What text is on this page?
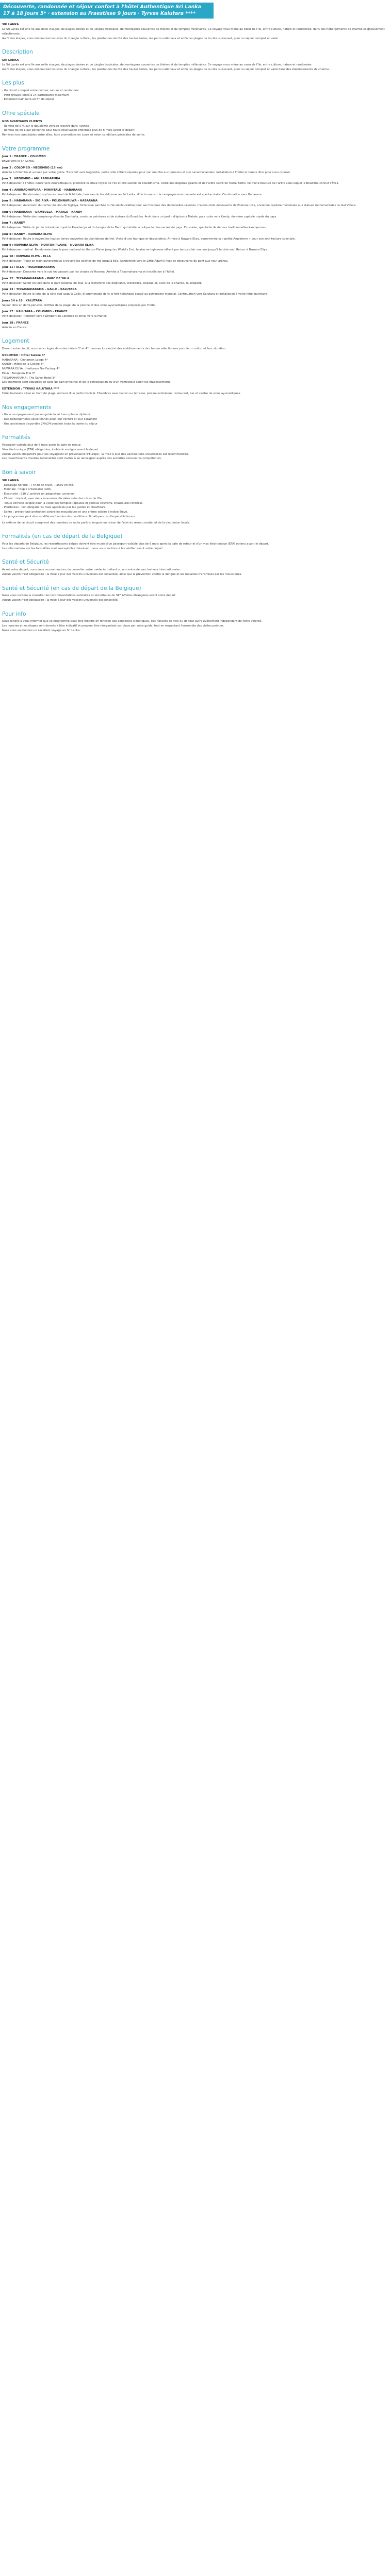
Découverte, randonnée et séjour confort à l'hôtel Authentique Sri Lanka 17 à 18 jours 5* · extension au Fraestisse 9 jours · Tyrvas Kalutara ****

SRI LANKA

Le Sri Lanka est une île aux mille visages, de plages dorées et de jungles tropicales, de montagnes couvertes de théiers et de temples millénaires. Ce voyage vous mène au cœur de l'île, entre culture, nature et randonnée, dans des hébergements de charme soigneusement sélectionnés.

Au fil des étapes, vous découvrirez les sites du triangle culturel, les plantations de thé des hautes terres, les parcs nationaux et enfin les plages de la côte sud-ouest, pour un séjour complet et varié.

Description

SRI LANKA

Le Sri Lanka est une île aux mille visages, de plages dorées et de jungles tropicales, de montagnes couvertes de théiers et de temples millénaires. Ce voyage vous mène au cœur de l'île, entre culture, nature et randonnée.

Au fil des étapes, vous découvrirez les sites du triangle culturel, les plantations de thé des hautes terres, les parcs nationaux et enfin les plages de la côte sud-ouest, pour un séjour complet et varié dans des établissements de charme.

Les plus

- Un circuit complet entre culture, nature et randonnée

- Petit groupe limité à 14 participants maximum

- Extension balnéaire en fin de séjour

Offre spéciale

NOS AVANTAGES CLIENTS

- Remise de 5 % sur le deuxième voyage réservé dans l'année

- Remise de 50 € par personne pour toute réservation effectuée plus de 6 mois avant le départ

Remises non cumulables entre elles, hors promotions en cours et selon conditions générales de vente.

Votre programme

Jour 1 : FRANCE – COLOMBO

Envol vers le Sri Lanka.

Jour 2 : COLOMBO – NEGOMBO (15 km)

Arrivée à Colombo et accueil par votre guide. Transfert vers Negombo, petite ville côtière réputée pour son marché aux poissons et son canal hollandais. Installation à l'hôtel et temps libre pour vous reposer.

Jour 3 : NEGOMBO – ANURADHAPURA

Petit-déjeuner à l'hôtel. Route vers Anuradhapura, première capitale royale de l'île et cité sacrée du bouddhisme. Visite des dagobas géants et de l'arbre sacré Sri Maha Bodhi, né d'une bouture de l'arbre sous lequel le Bouddha connut l'Éveil.

Jour 4 : ANURADHAPURA – MIHINTALE – HABARANA

Petit-déjeuner. Randonnée jusqu'au sommet de Mihintale, berceau du bouddhisme au Sri Lanka, d'où la vue sur la campagne environnante est spectaculaire. Continuation vers Habarana.

Jour 5 : HABARANA – SIGIRIYA – POLONNARUWA – HABARANA

Petit-déjeuner. Ascension du rocher du Lion de Sigiriya, forteresse perchée du Ve siècle célèbre pour ses fresques des demoiselles célestes. L'après-midi, découverte de Polonnaruwa, ancienne capitale médiévale aux statues monumentales du Gal Vihara.

Jour 6 : HABARANA – DAMBULLA – MATALE – KANDY

Petit-déjeuner. Visite des temples-grottes de Dambulla, ornés de peintures et de statues du Bouddha. Arrêt dans un jardin d'épices à Matale, puis route vers Kandy, dernière capitale royale du pays.

Jour 7 : KANDY

Petit-déjeuner. Visite du jardin botanique royal de Peradeniya et du temple de la Dent, qui abrite la relique la plus sacrée du pays. En soirée, spectacle de danses traditionnelles kandyennes.

Jour 8 : KANDY – NUWARA ELIYA

Petit-déjeuner. Route à travers les hautes terres couvertes de plantations de thé. Visite d'une fabrique et dégustation. Arrivée à Nuwara Eliya, surnommée la « petite Angleterre » pour son architecture coloniale.

Jour 9 : NUWARA ELIYA – HORTON PLAINS – NUWARA ELIYA

Petit-déjeuner matinal. Randonnée dans le parc national de Horton Plains jusqu'au World's End, falaise vertigineuse offrant par temps clair une vue jusqu'à la côte sud. Retour à Nuwara Eliya.

Jour 10 : NUWARA ELIYA – ELLA

Petit-déjeuner. Trajet en train panoramique à travers les collines de thé jusqu'à Ella. Randonnée vers le Little Adam's Peak et découverte du pont aux neuf arches.

Jour 11 : ELLA – TISSAMAHARAMA

Petit-déjeuner. Descente vers le sud en passant par les chutes de Ravana. Arrivée à Tissamaharama et installation à l'hôtel.

Jour 12 : TISSAMAHARAMA – PARC DE YALA

Petit-déjeuner. Safari en jeep dans le parc national de Yala, à la recherche des éléphants, crocodiles, oiseaux et, avec de la chance, du léopard.

Jour 13 : TISSAMAHARAMA – GALLE – KALUTARA

Petit-déjeuner. Route le long de la côte sud jusqu'à Galle, et promenade dans le fort hollandais classé au patrimoine mondial. Continuation vers Kalutara et installation à votre hôtel balnéaire.

Jours 14 à 16 : KALUTARA

Séjour libre en demi-pension. Profitez de la plage, de la piscine et des soins ayurvédiques proposés par l'hôtel.

Jour 17 : KALUTARA – COLOMBO – FRANCE

Petit-déjeuner. Transfert vers l'aéroport de Colombo et envol vers la France.

Jour 18 : FRANCE

Arrivée en France.

Logement

Durant votre circuit, vous serez logés dans des hôtels 3* et 4* (normes locales) et des établissements de charme sélectionnés pour leur confort et leur situation.

NEGOMBO : Hôtel Suisse 4*

HABARANA : Cinnamon Lodge 4*

KANDY : Hôtel de la Colline 4*

NUWARA ELIYA : Heritance Tea Factory 4*

ELLA : Bungalow Ella 3*

TISSAMAHARAMA : The Safari Hotel 3*

Les chambres sont équipées de salle de bain privative et de la climatisation ou d'un ventilateur selon les établissements.

EXTENSION : TYRVAS KALUTARA ****

Hôtel balnéaire situé en bord de plage, entouré d'un jardin tropical. Chambres avec balcon ou terrasse, piscine extérieure, restaurant, bar et centre de soins ayurvédiques.

Nos engagements

- Un accompagnement par un guide local francophone diplômé

- Des hébergements sélectionnés pour leur confort et leur caractère

- Une assistance disponible 24h/24 pendant toute la durée du séjour

Formalités

Passeport valable plus de 6 mois après la date de retour.

Visa électronique (ETA) obligatoire, à obtenir en ligne avant le départ.

Aucun vaccin obligatoire pour les voyageurs en provenance d'Europe ; la mise à jour des vaccinations universelles est recommandée.

Les ressortissants d'autres nationalités sont invités à se renseigner auprès des autorités consulaires compétentes.

Bon à savoir

SRI LANKA

- Décalage horaire : +4h30 en hiver, +3h30 en été.

- Monnaie : roupie srilankaise (LKR).

- Électricité : 230 V, prévoir un adaptateur universel.

- Climat : tropical, avec deux moussons décalées selon les côtes de l'île.

- Tenue correcte exigée pour la visite des temples (épaules et genoux couverts, chaussures retirées).

- Pourboires : non obligatoires mais appréciés par les guides et chauffeurs.

- Santé : prévoir une protection contre les moustiques et une crème solaire à indice élevé.

- Le programme peut être modifié en fonction des conditions climatiques ou d'impératifs locaux.

Le rythme de ce circuit comprend des journées de route parfois longues en raison de l'état du réseau routier et de la circulation locale.

Formalités (en cas de départ de la Belgique)

Pour les départs de Belgique, les ressortissants belges doivent être munis d'un passeport valable plus de 6 mois après la date de retour et d'un visa électronique (ETA) obtenu avant le départ.

Les informations sur les formalités sont susceptibles d'évoluer : nous vous invitons à les vérifier avant votre départ.

Santé et Sécurité

Avant votre départ, nous vous recommandons de consulter votre médecin traitant ou un centre de vaccinations internationales.

Aucun vaccin n'est obligatoire ; la mise à jour des vaccins universels est conseillée, ainsi que la prévention contre la dengue et les maladies transmises par les moustiques.

Santé et Sécurité (en cas de départ de la Belgique)

Nous vous invitons à consulter les recommandations sanitaires et sécuritaires du SPF Affaires étrangères avant votre départ.

Aucun vaccin n'est obligatoire ; la mise à jour des vaccins universels est conseillée.

Pour info

Nous tenons à vous informer que ce programme peut être modifié en fonction des conditions climatiques, des horaires de vols ou de tout autre événement indépendant de notre volonté.

Les horaires et les étapes sont donnés à titre indicatif et peuvent être réorganisés sur place par votre guide, tout en respectant l'ensemble des visites prévues.

Nous vous souhaitons un excellent voyage au Sri Lanka.
